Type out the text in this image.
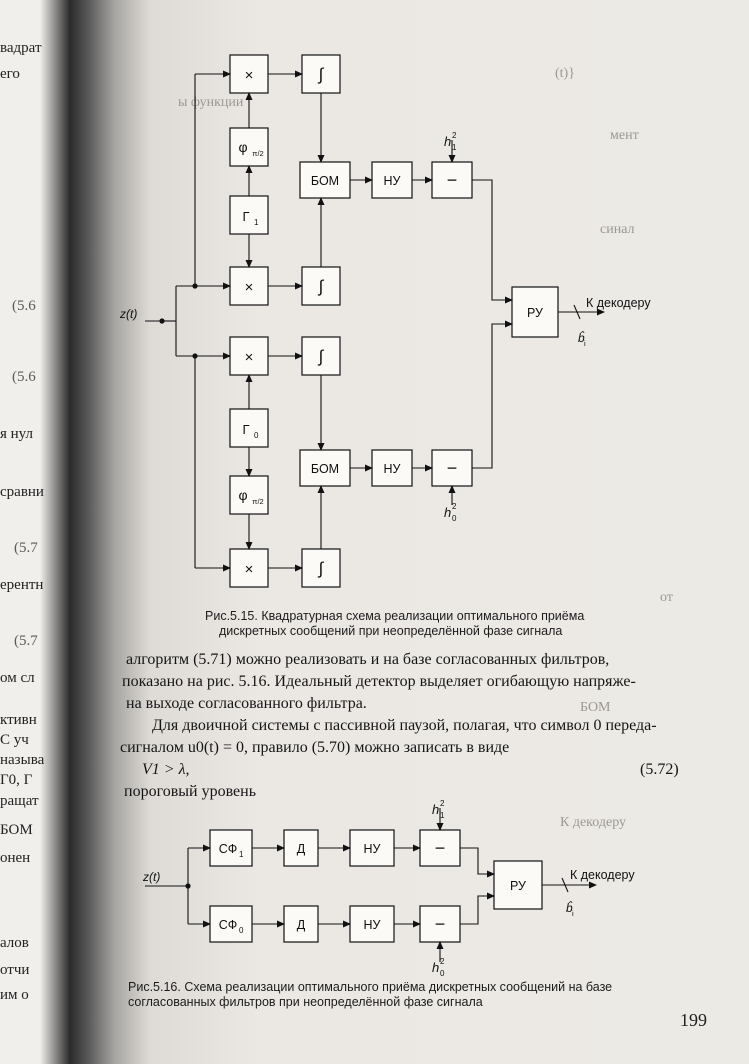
(t)}
ы функции
мент
синал
БОМ
от
К декодеру
вадрат
его
(5.6
(5.6
я нул
сравни
(5.7
ерентн
(5.7
ом сл
ктивн
С уч
называ
Г0, Г
ращат
БОМ
онен
алов
отчи
им о
×
×
×
×
∫
∫
∫
∫
БОМ
БОМ
НУ
НУ
−
−
РУ
φ π/2
φ π/2
Г 1
Г 0
z(t)
h 2
1
h 2
0
К декодеру
b̂ i
Рис.5.15. Квадратурная схема реализации оптимального приёма
дискретных сообщений при неопределённой фазе сигнала
алгоритм (5.71) можно реализовать и на базе согласованных фильтров,
показано на рис. 5.16. Идеальный детектор выделяет огибающую напряже-
на выходе согласованного фильтра.
Для двоичной системы с пассивной паузой, полагая, что символ 0 переда-
сигналом u0(t) = 0, правило (5.70) можно записать в виде
V1 > λ,	(5.72)
пороговый уровень
z(t)
СФ 1
СФ 0
Д
Д
НУ
НУ
−
−
РУ
h 2
1
h 2
0
К декодеру
b̂ i
Рис.5.16. Схема реализации оптимального приёма дискретных сообщений на базе
согласованных фильтров при неопределённой фазе сигнала
199
